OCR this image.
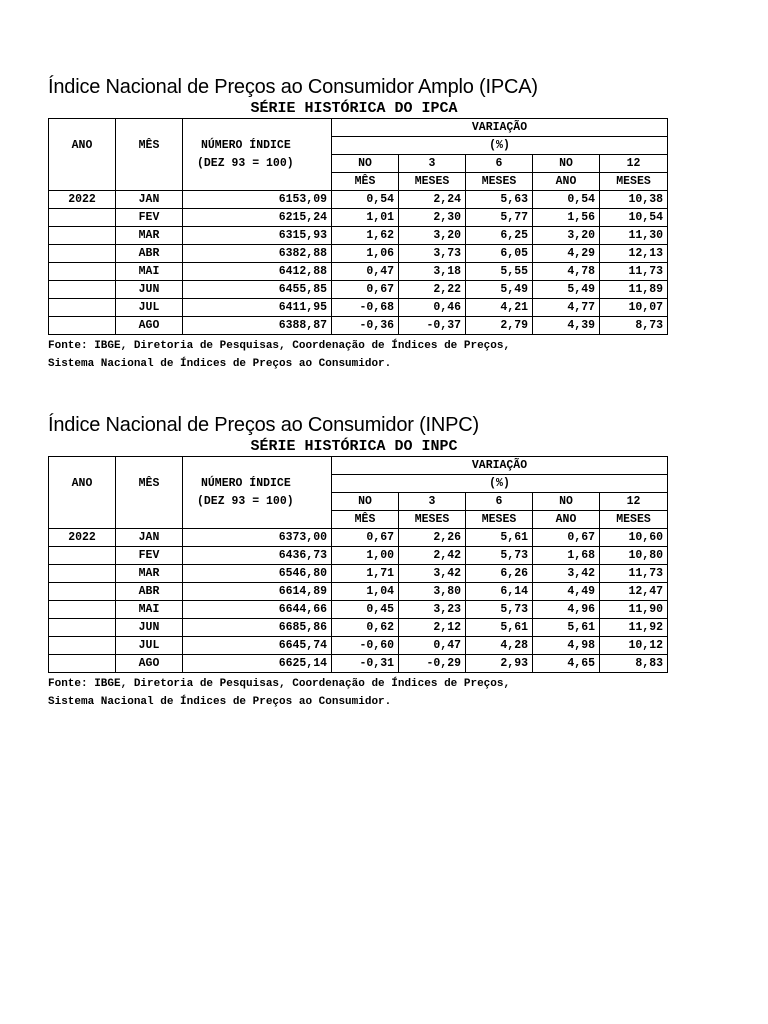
Índice Nacional de Preços ao Consumidor Amplo (IPCA)
SÉRIE HISTÓRICA DO IPCA
			VARIAÇÃO				
ANO	MÊS	NÚMERO ÍNDICE	(%)				
		(DEZ 93 = 100)	NO	3	6	NO	12
			MÊS	MESES	MESES	ANO	MESES
2022	JAN	6153,09	0,54	2,24	5,63	0,54	10,38
	FEV	6215,24	1,01	2,30	5,77	1,56	10,54
	MAR	6315,93	1,62	3,20	6,25	3,20	11,30
	ABR	6382,88	1,06	3,73	6,05	4,29	12,13
	MAI	6412,88	0,47	3,18	5,55	4,78	11,73
	JUN	6455,85	0,67	2,22	5,49	5,49	11,89
	JUL	6411,95	-0,68	0,46	4,21	4,77	10,07
	AGO	6388,87	-0,36	-0,37	2,79	4,39	8,73
Fonte: IBGE, Diretoria de Pesquisas, Coordenação de Índices de Preços,
Sistema Nacional de Índices de Preços ao Consumidor.
Índice Nacional de Preços ao Consumidor (INPC)
SÉRIE HISTÓRICA DO INPC
			VARIAÇÃO				
ANO	MÊS	NÚMERO ÍNDICE	(%)				
		(DEZ 93 = 100)	NO	3	6	NO	12
			MÊS	MESES	MESES	ANO	MESES
2022	JAN	6373,00	0,67	2,26	5,61	0,67	10,60
	FEV	6436,73	1,00	2,42	5,73	1,68	10,80
	MAR	6546,80	1,71	3,42	6,26	3,42	11,73
	ABR	6614,89	1,04	3,80	6,14	4,49	12,47
	MAI	6644,66	0,45	3,23	5,73	4,96	11,90
	JUN	6685,86	0,62	2,12	5,61	5,61	11,92
	JUL	6645,74	-0,60	0,47	4,28	4,98	10,12
	AGO	6625,14	-0,31	-0,29	2,93	4,65	8,83
Fonte: IBGE, Diretoria de Pesquisas, Coordenação de Índices de Preços,
Sistema Nacional de Índices de Preços ao Consumidor.
